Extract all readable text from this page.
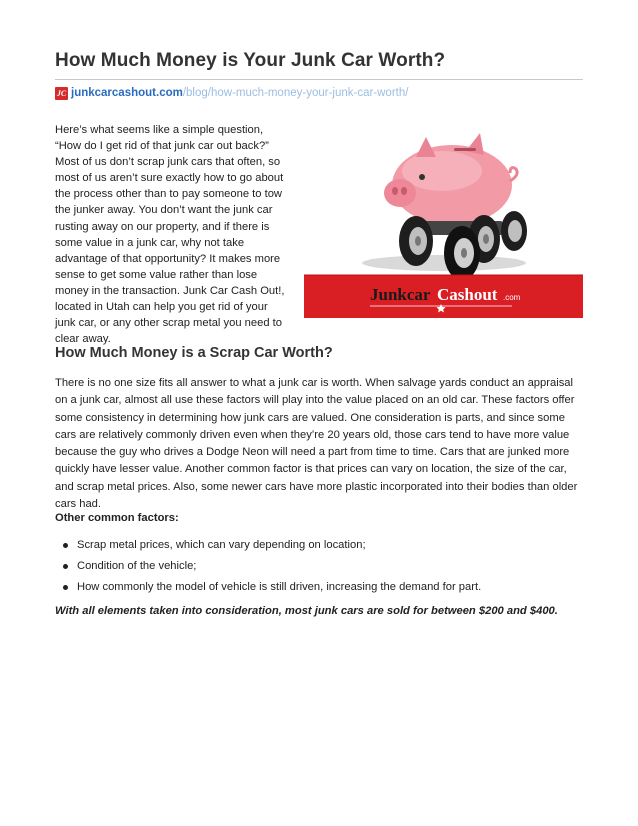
How Much Money is Your Junk Car Worth?
JC junkcarcashout.com /blog/how-much-money-your-junk-car-worth/

Here’s what seems like a simple question, “How do I get rid of that junk car out back?” Most of us don’t scrap junk cars that often, so most of us aren’t sure exactly how to go about the process other than to pay someone to tow the junker away. You don’t want the junk car rusting away on our property, and if there is some value in a junk car, why not take advantage of that opportunity? It makes more sense to get some value rather than lose money in the transaction. Junk Car Cash Out!, located in Utah can help you get rid of your junk car, or any other scrap metal you need to clear away.

Junkcar Cashout .com
How Much Money is a Scrap Car Worth?

There is no one size fits all answer to what a junk car is worth. When salvage yards conduct an appraisal on a junk car, almost all use these factors will play into the value placed on an old car. These factors offer some consistency in determining how junk cars are valued. One consideration is parts, and since some cars are relatively commonly driven even when they’re 20 years old, those cars tend to have more value because the guy who drives a Dodge Neon will need a part from time to time. Cars that are junked more quickly have lesser value. Another common factor is that prices can vary on location, the size of the car, and scrap metal prices. Also, some newer cars have more plastic incorporated into their bodies than older cars had.

Other common factors:
Scrap metal prices, which can vary depending on location;
Condition of the vehicle;
How commonly the model of vehicle is still driven, increasing the demand for part.
With all elements taken into consideration, most junk cars are sold for between $200 and $400.
